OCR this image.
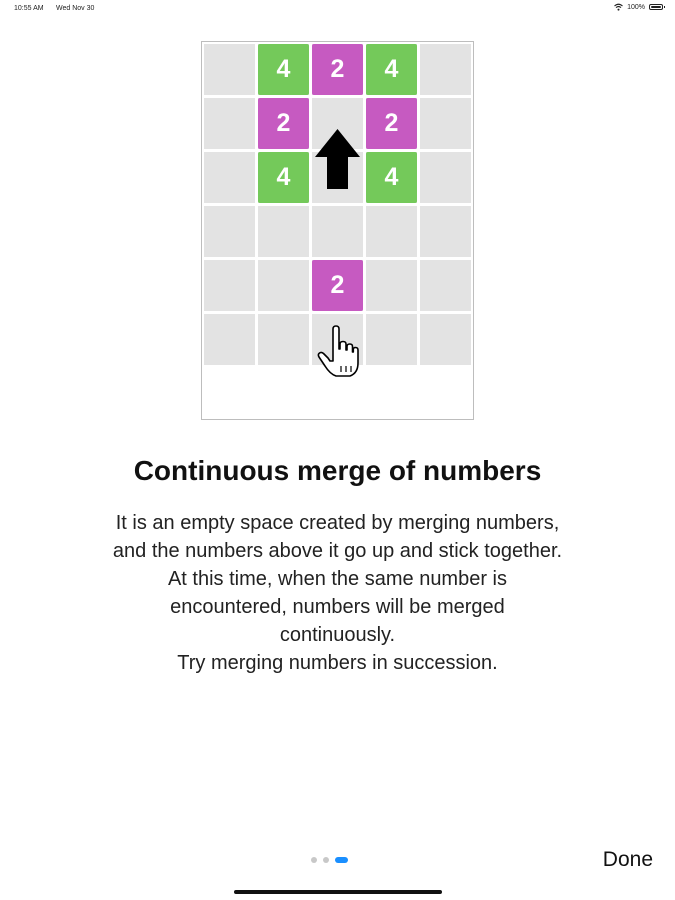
10:55 AM Wed Nov 30	100%
4	2	4
2	2
4	4
2
Continuous merge of numbers
It is an empty space created by merging numbers,
and the numbers above it go up and stick together.
At this time, when the same number is
encountered, numbers will be merged
continuously.
Try merging numbers in succession.
Done
